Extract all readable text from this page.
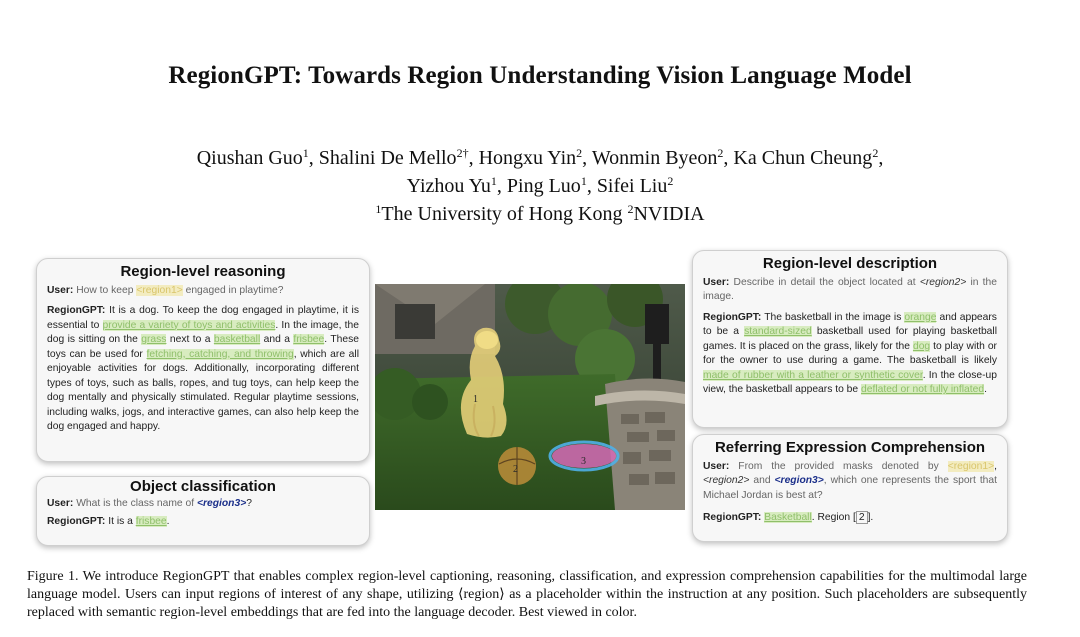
RegionGPT: Towards Region Understanding Vision Language Model
Qiushan Guo$^1$, Shalini De Mello$^{2\dagger}$, Hongxu Yin$^2$, Wonmin Byeon$^2$, Ka Chun Cheung$^2$,
Yizhou Yu$^1$, Ping Luo$^1$, Sifei Liu$^2$
$^1$The University of Hong Kong $^2$NVIDIA
Region-level reasoning

User: How to keep <region1> engaged in playtime?

RegionGPT: It is a dog. To keep the dog engaged in playtime, it is essential to provide a variety of toys and activities. In the image, the dog is sitting on the grass next to a basketball and a frisbee. These toys can be used for fetching, catching, and throwing, which are all enjoyable activities for dogs. Additionally, incorporating different types of toys, such as balls, ropes, and tug toys, can help keep the dog mentally and physically stimulated. Regular playtime sessions, including walks, jogs, and interactive games, can also help keep the dog engaged and happy.

Object classification

User: What is the class name of <region3>?

RegionGPT: It is a frisbee.

1
2
3
Region-level description

User: Describe in detail the object located at <region2> in the image.

RegionGPT: The basketball in the image is orange and appears to be a standard-sized basketball used for playing basketball games. It is placed on the grass, likely for the dog to play with or for the owner to use during a game. The basketball is likely made of rubber with a leather or synthetic cover. In the close-up view, the basketball appears to be deflated or not fully inflated.

Referring Expression Comprehension

User: From the provided masks denoted by <region1>, <region2> and <region3>, which one represents the sport that Michael Jordan is best at?

RegionGPT: Basketball. Region [ 2 ].

Figure 1. We introduce RegionGPT that enables complex region-level captioning, reasoning, classification, and expression comprehension capabilities for the multimodal large language model. Users can input regions of interest of any shape, utilizing ⟨region⟩ as a placeholder within the instruction at any position. Such placeholders are subsequently replaced with semantic region-level embeddings that are fed into the language decoder. Best viewed in color.
